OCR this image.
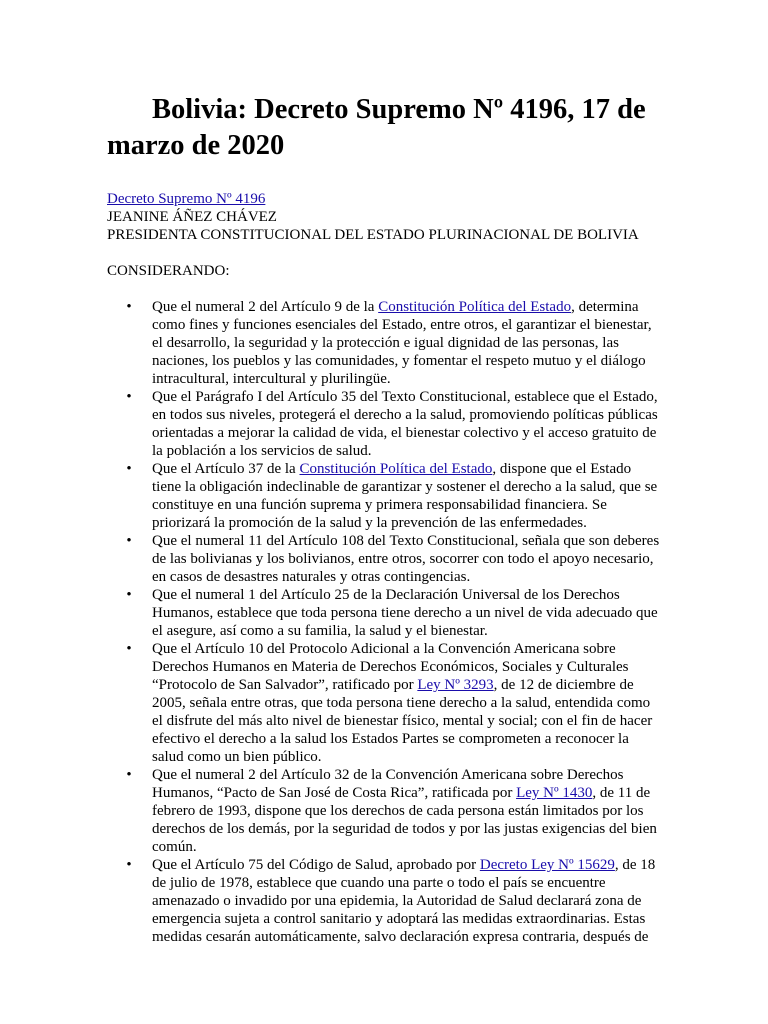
Bolivia: Decreto Supremo Nº 4196, 17 de marzo de 2020
Decreto Supremo Nº 4196
JEANINE ÁÑEZ CHÁVEZ
PRESIDENTA CONSTITUCIONAL DEL ESTADO PLURINACIONAL DE BOLIVIA
CONSIDERANDO:
• Que el numeral 2 del Artículo 9 de la Constitución Política del Estado, determina como fines y funciones esenciales del Estado, entre otros, el garantizar el bienestar, el desarrollo, la seguridad y la protección e igual dignidad de las personas, las naciones, los pueblos y las comunidades, y fomentar el respeto mutuo y el diálogo intracultural, intercultural y plurilingüe.
• Que el Parágrafo I del Artículo 35 del Texto Constitucional, establece que el Estado, en todos sus niveles, protegerá el derecho a la salud, promoviendo políticas públicas orientadas a mejorar la calidad de vida, el bienestar colectivo y el acceso gratuito de la población a los servicios de salud.
• Que el Artículo 37 de la Constitución Política del Estado, dispone que el Estado tiene la obligación indeclinable de garantizar y sostener el derecho a la salud, que se constituye en una función suprema y primera responsabilidad financiera. Se priorizará la promoción de la salud y la prevención de las enfermedades.
• Que el numeral 11 del Artículo 108 del Texto Constitucional, señala que son deberes de las bolivianas y los bolivianos, entre otros, socorrer con todo el apoyo necesario, en casos de desastres naturales y otras contingencias.
• Que el numeral 1 del Artículo 25 de la Declaración Universal de los Derechos Humanos, establece que toda persona tiene derecho a un nivel de vida adecuado que el asegure, así como a su familia, la salud y el bienestar.
• Que el Artículo 10 del Protocolo Adicional a la Convención Americana sobre Derechos Humanos en Materia de Derechos Económicos, Sociales y Culturales “Protocolo de San Salvador”, ratificado por Ley Nº 3293, de 12 de diciembre de 2005, señala entre otras, que toda persona tiene derecho a la salud, entendida como el disfrute del más alto nivel de bienestar físico, mental y social; con el fin de hacer efectivo el derecho a la salud los Estados Partes se comprometen a reconocer la salud como un bien público.
• Que el numeral 2 del Artículo 32 de la Convención Americana sobre Derechos Humanos, “Pacto de San José de Costa Rica”, ratificada por Ley Nº 1430, de 11 de febrero de 1993, dispone que los derechos de cada persona están limitados por los derechos de los demás, por la seguridad de todos y por las justas exigencias del bien común.
• Que el Artículo 75 del Código de Salud, aprobado por Decreto Ley Nº 15629, de 18 de julio de 1978, establece que cuando una parte o todo el país se encuentre amenazado o invadido por una epidemia, la Autoridad de Salud declarará zona de emergencia sujeta a control sanitario y adoptará las medidas extraordinarias. Estas medidas cesarán automáticamente, salvo declaración expresa contraria, después de
